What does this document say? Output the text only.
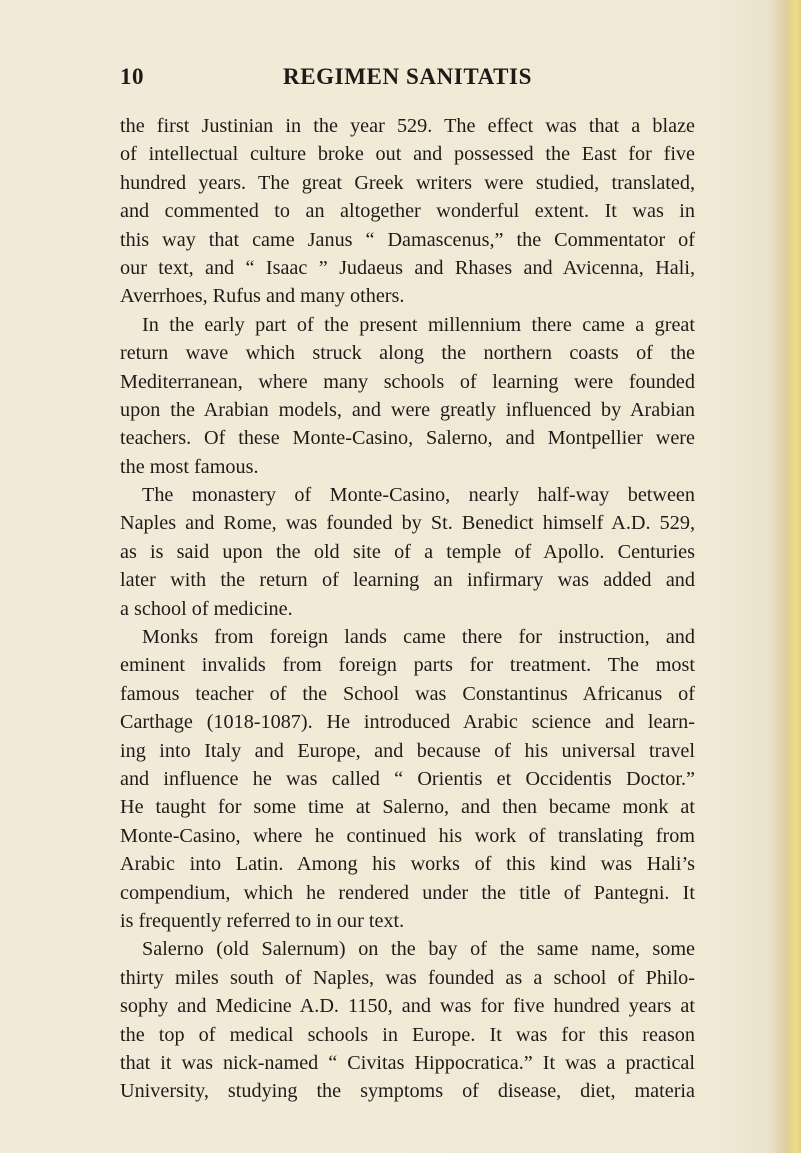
10	REGIMEN SANITATIS
the first Justinian in the year 529. The effect was that a blaze
of intellectual culture broke out and possessed the East for five
hundred years. The great Greek writers were studied, translated,
and commented to an altogether wonderful extent. It was in
this way that came Janus “ Damascenus,” the Commentator of
our text, and “ Isaac ” Judaeus and Rhases and Avicenna, Hali,
Averrhoes, Rufus and many others.
In the early part of the present millennium there came a great
return wave which struck along the northern coasts of the
Mediterranean, where many schools of learning were founded
upon the Arabian models, and were greatly influenced by Arabian
teachers. Of these Monte-Casino, Salerno, and Montpellier were
the most famous.
The monastery of Monte-Casino, nearly half-way between
Naples and Rome, was founded by St. Benedict himself A.D. 529,
as is said upon the old site of a temple of Apollo. Centuries
later with the return of learning an infirmary was added and
a school of medicine.
Monks from foreign lands came there for instruction, and
eminent invalids from foreign parts for treatment. The most
famous teacher of the School was Constantinus Africanus of
Carthage (1018-1087). He introduced Arabic science and learn-
ing into Italy and Europe, and because of his universal travel
and influence he was called “ Orientis et Occidentis Doctor.”
He taught for some time at Salerno, and then became monk at
Monte-Casino, where he continued his work of translating from
Arabic into Latin. Among his works of this kind was Hali’s
compendium, which he rendered under the title of Pantegni. It
is frequently referred to in our text.
Salerno (old Salernum) on the bay of the same name, some
thirty miles south of Naples, was founded as a school of Philo-
sophy and Medicine A.D. 1150, and was for five hundred years at
the top of medical schools in Europe. It was for this reason
that it was nick-named “ Civitas Hippocratica.” It was a practical
University, studying the symptoms of disease, diet, materia
